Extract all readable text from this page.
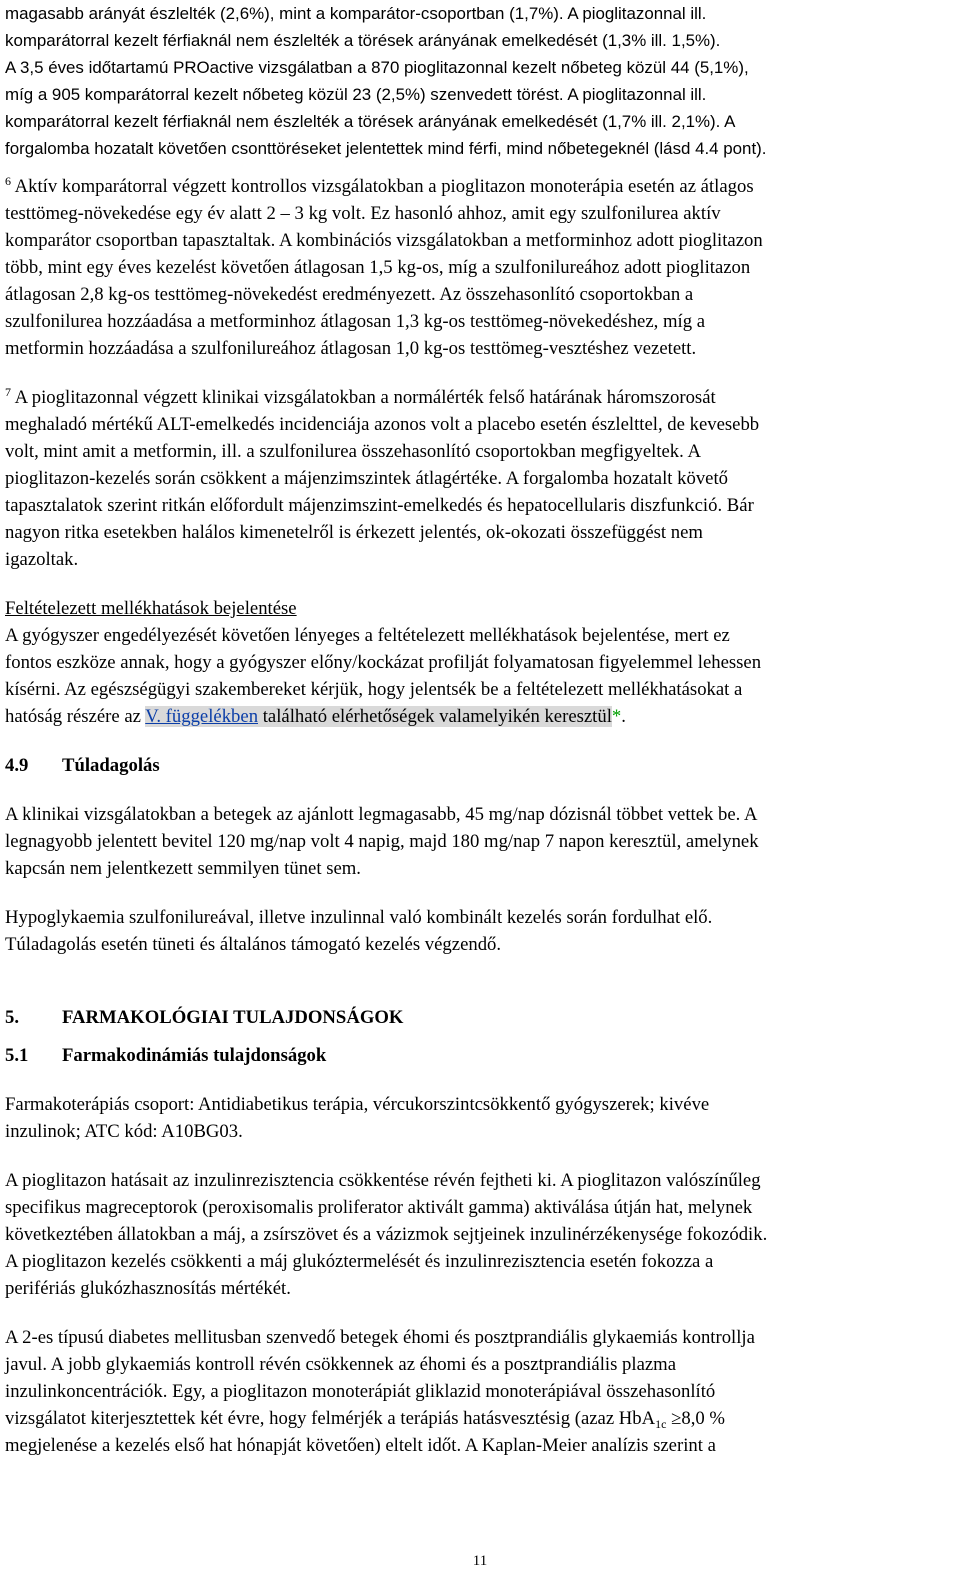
magasabb arányát észlelték (2,6%), mint a komparátor-csoportban (1,7%). A pioglitazonnal ill.

komparátorral kezelt férfiaknál nem észlelték a törések arányának emelkedését (1,3% ill. 1,5%).

A 3,5 éves időtartamú PROactive vizsgálatban a 870 pioglitazonnal kezelt nőbeteg közül 44 (5,1%),

míg a 905 komparátorral kezelt nőbeteg közül 23 (2,5%) szenvedett törést. A pioglitazonnal ill.

komparátorral kezelt férfiaknál nem észlelték a törések arányának emelkedését (1,7% ill. 2,1%). A

forgalomba hozatalt követően csonttöréseket jelentettek mind férfi, mind nőbetegeknél (lásd 4.4 pont).

$^6$ Aktív komparátorral végzett kontrollos vizsgálatokban a pioglitazon monoterápia esetén az átlagos

testtömeg-növekedése egy év alatt 2 – 3 kg volt. Ez hasonló ahhoz, amit egy szulfonilurea aktív

komparátor csoportban tapasztaltak. A kombinációs vizsgálatokban a metforminhoz adott pioglitazon

több, mint egy éves kezelést követően átlagosan 1,5 kg-os, míg a szulfonilureához adott pioglitazon

átlagosan 2,8 kg-os testtömeg-növekedést eredményezett. Az összehasonlító csoportokban a

szulfonilurea hozzáadása a metforminhoz átlagosan 1,3 kg-os testtömeg-növekedéshez, míg a

metformin hozzáadása a szulfonilureához átlagosan 1,0 kg-os testtömeg-vesztéshez vezetett.

$^7$ A pioglitazonnal végzett klinikai vizsgálatokban a normálérték felső határának háromszorosát

meghaladó mértékű ALT-emelkedés incidenciája azonos volt a placebo esetén észlelttel, de kevesebb

volt, mint amit a metformin, ill. a szulfonilurea összehasonlító csoportokban megfigyeltek. A

pioglitazon-kezelés során csökkent a májenzimszintek átlagértéke. A forgalomba hozatalt követő

tapasztalatok szerint ritkán előfordult májenzimszint-emelkedés és hepatocellularis diszfunkció. Bár

nagyon ritka esetekben halálos kimenetelről is érkezett jelentés, ok-okozati összefüggést nem

igazoltak.

Feltételezett mellékhatások bejelentése

A gyógyszer engedélyezését követően lényeges a feltételezett mellékhatások bejelentése, mert ez

fontos eszköze annak, hogy a gyógyszer előny/kockázat profilját folyamatosan figyelemmel lehessen

kísérni. Az egészségügyi szakembereket kérjük, hogy jelentsék be a feltételezett mellékhatásokat a

hatóság részére az V. függelékben található elérhetőségek valamelyikén keresztül*.

4.9 Túladagolás

A klinikai vizsgálatokban a betegek az ajánlott legmagasabb, 45 mg/nap dózisnál többet vettek be. A

legnagyobb jelentett bevitel 120 mg/nap volt 4 napig, majd 180 mg/nap 7 napon keresztül, amelynek

kapcsán nem jelentkezett semmilyen tünet sem.

Hypoglykaemia szulfonilureával, illetve inzulinnal való kombinált kezelés során fordulhat elő.

Túladagolás esetén tüneti és általános támogató kezelés végzendő.

5. FARMAKOLÓGIAI TULAJDONSÁGOK
5.1 Farmakodinámiás tulajdonságok

Farmakoterápiás csoport: Antidiabetikus terápia, vércukorszintcsökkentő gyógyszerek; kivéve

inzulinok; ATC kód: A10BG03.

A pioglitazon hatásait az inzulinrezisztencia csökkentése révén fejtheti ki. A pioglitazon valószínűleg

specifikus magreceptorok (peroxisomalis proliferator aktivált gamma) aktiválása útján hat, melynek

következtében állatokban a máj, a zsírszövet és a vázizmok sejtjeinek inzulinérzékenysége fokozódik.

A pioglitazon kezelés csökkenti a máj glukóztermelését és inzulinrezisztencia esetén fokozza a

perifériás glukózhasznosítás mértékét.

A 2-es típusú diabetes mellitusban szenvedő betegek éhomi és posztprandiális glykaemiás kontrollja

javul. A jobb glykaemiás kontroll révén csökkennek az éhomi és a posztprandiális plazma

inzulinkoncentrációk. Egy, a pioglitazon monoterápiát gliklazid monoterápiával összehasonlító

vizsgálatot kiterjesztettek két évre, hogy felmérjék a terápiás hatásvesztésig (azaz HbA$_{1c}$ ≥8,0 %

megjelenése a kezelés első hat hónapját követően) eltelt időt. A Kaplan-Meier analízis szerint a

11
